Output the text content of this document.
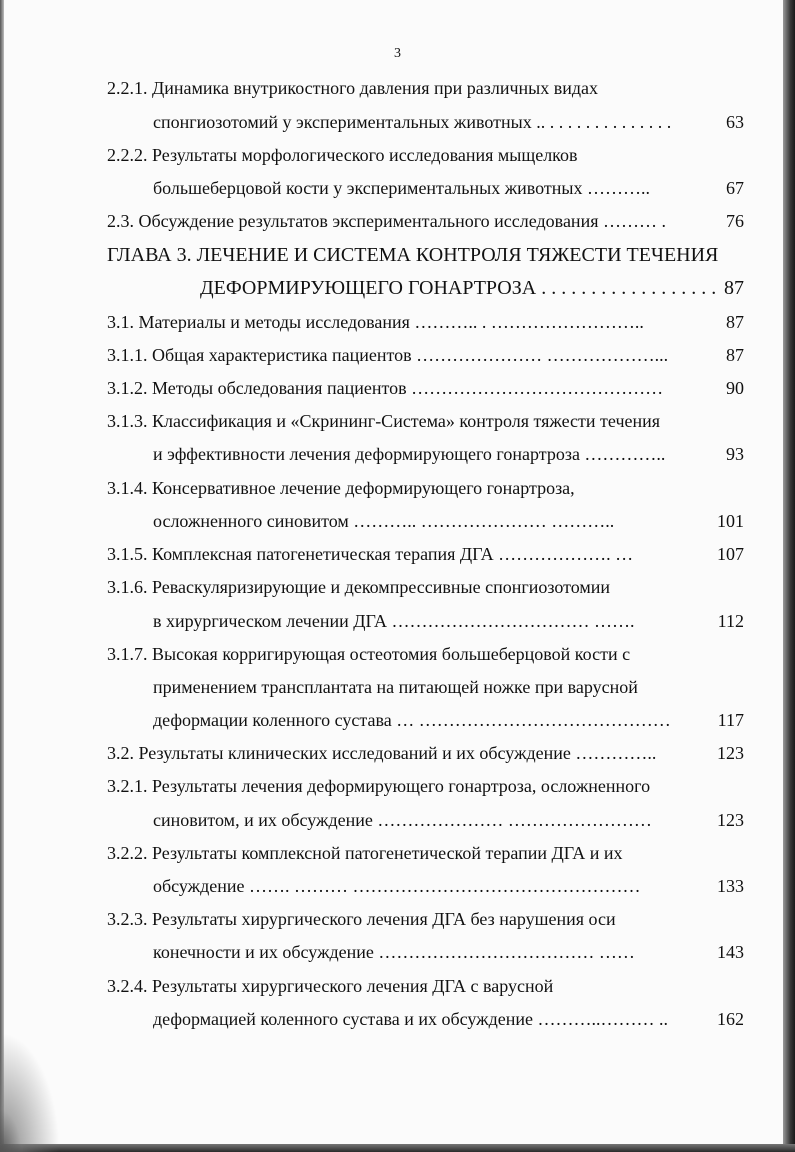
3
2.2.1. Динамика внутрикостного давления при различных видах
спонгиозотомий у экспериментальных животных .. . . . . . . . . . . . . . .	63
2.2.2. Результаты морфологического исследования мыщелков
большеберцовой кости у экспериментальных животных ………..	67
2.3. Обсуждение результатов экспериментального исследования ……… .	76
ГЛАВА 3. ЛЕЧЕНИЕ И СИСТЕМА КОНТРОЛЯ ТЯЖЕСТИ ТЕЧЕНИЯ
ДЕФОРМИРУЮЩЕГО ГОНАРТРОЗА . . . . . . . . . . . . . . . . . . 87
3.1. Материалы и методы исследования ……….. . ……………………..	87
3.1.1. Общая характеристика пациентов ………………… ………………...	87
3.1.2. Методы обследования пациентов ……………………………………	90
3.1.3. Классификация и «Скрининг-Система» контроля тяжести течения
и эффективности лечения деформирующего гонартроза …………..	93
3.1.4. Консервативное лечение деформирующего гонартроза,
осложненного синовитом ……….. ………………… ………..	101
3.1.5. Комплексная патогенетическая терапия ДГА ………………. …	107
3.1.6. Реваскуляризирующие и декомпрессивные спонгиозотомии
в хирургическом лечении ДГА …………………………… …….	112
3.1.7. Высокая корригирующая остеотомия большеберцовой кости с
применением трансплантата на питающей ножке при варусной
деформации коленного сустава … ……………………………………	117
3.2. Результаты клинических исследований и их обсуждение …………..	123
3.2.1. Результаты лечения деформирующего гонартроза, осложненного
синовитом, и их обсуждение ………………… ……………………	123
3.2.2. Результаты комплексной патогенетической терапии ДГА и их
обсуждение ……. ……… …………………………………………	133
3.2.3. Результаты хирургического лечения ДГА без нарушения оси
конечности и их обсуждение ……………………………… ……	143
3.2.4. Результаты хирургического лечения ДГА с варусной
деформацией коленного сустава и их обсуждение ………..……… ..	162
